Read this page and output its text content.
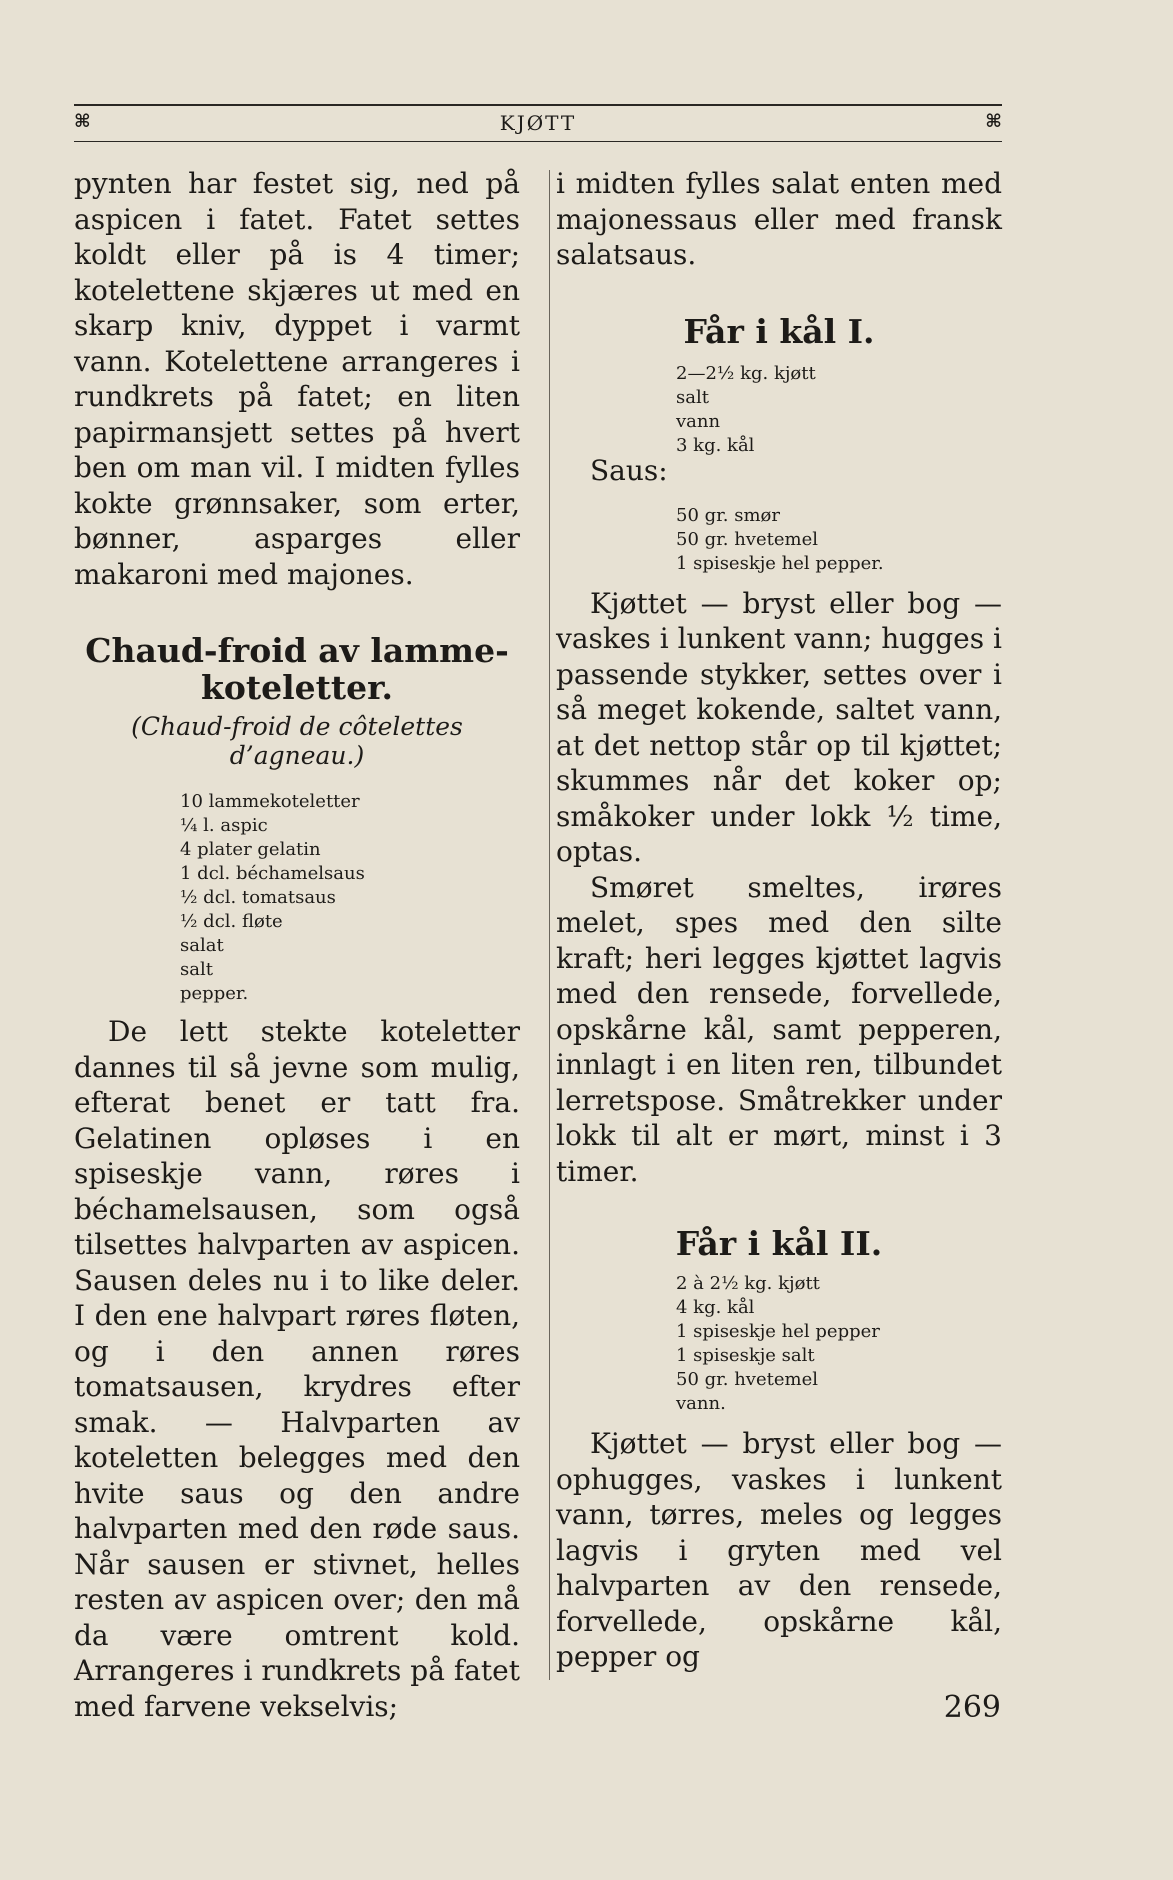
⌘	KJØTT	⌘

pynten har festet sig, ned på aspicen i fatet. Fatet settes koldt eller på is 4 timer; kotelettene skjæres ut med en skarp kniv, dyppet i varmt vann. Kotelettene arrangeres i rundkrets på fatet; en liten papirmansjett settes på hvert ben om man vil. I midten fylles kokte grønnsaker, som erter, bønner, asparges eller makaroni med majones.

Chaud-froid av lamme-

koteletter.

(Chaud-froid de côtelettes d’agneau.)

10 lammekoteletter
¼ l. aspic
4 plater gelatin
1 dcl. béchamelsaus
½ dcl. tomatsaus
½ dcl. fløte
salat
salt
pepper.

De lett stekte koteletter dannes til så jevne som mulig, efterat benet er tatt fra. Gelatinen opløses i en spiseskje vann, røres i béchamelsausen, som også tilsettes halvparten av aspicen. Sausen deles nu i to like deler. I den ene halvpart røres fløten, og i den annen røres tomatsausen, krydres efter smak. — Halvparten av koteletten belegges med den hvite saus og den andre halvparten med den røde saus. Når sausen er stivnet, helles resten av aspicen over; den må da være omtrent kold. Arrangeres i rundkrets på fatet med farvene vekselvis;

i midten fylles salat enten med majonessaus eller med fransk salatsaus.

Får i kål I.

2—2½ kg. kjøtt
salt
vann
3 kg. kål
Saus:
50 gr. smør
50 gr. hvetemel
1 spiseskje hel pepper.

Kjøttet — bryst eller bog — vaskes i lunkent vann; hugges i passende stykker, settes over i så meget kokende, saltet vann, at det nettop står op til kjøttet; skummes når det koker op; småkoker under lokk ½ time, optas.

Smøret smeltes, irøres melet, spes med den silte kraft; heri legges kjøttet lagvis med den rensede, forvellede, opskårne kål, samt pepperen, innlagt i en liten ren, tilbundet lerretspose. Småtrekker under lokk til alt er mørt, minst i 3 timer.

Får i kål II.

2 à 2½ kg. kjøtt
4 kg. kål
1 spiseskje hel pepper
1 spiseskje salt
50 gr. hvetemel
vann.

Kjøttet — bryst eller bog — ophugges, vaskes i lunkent vann, tørres, meles og legges lagvis i gryten med vel halvparten av den rensede, forvellede, opskårne kål, pepper og

269
